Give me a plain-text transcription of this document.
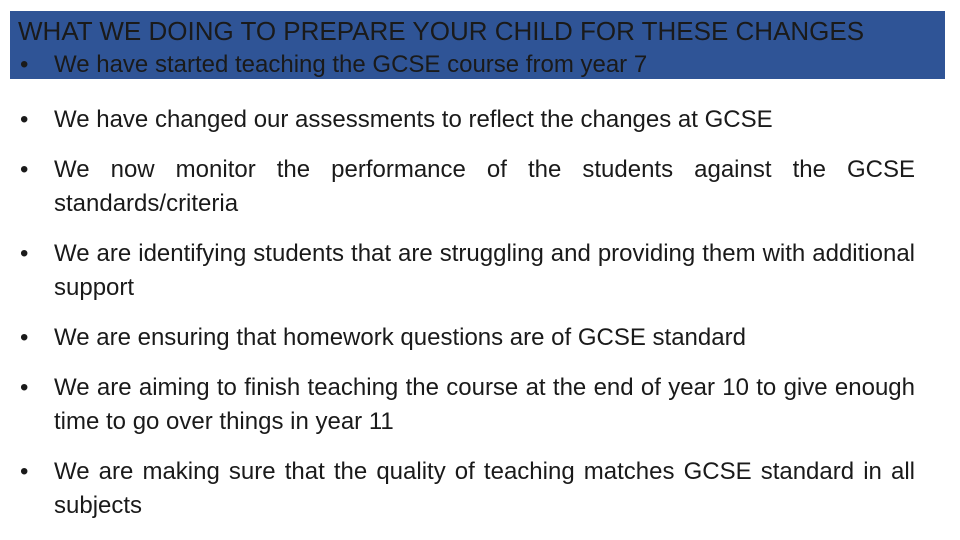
WHAT WE DOING TO PREPARE YOUR CHILD FOR THESE CHANGES
•	We have started teaching the GCSE course from year 7
•	We have changed our assessments to reflect the changes at GCSE
•	We now monitor the performance of the students against the GCSE standards/criteria
•	We are identifying students that are struggling and providing them with additional support
•	We are ensuring that homework questions are of GCSE standard
•	We are aiming to finish teaching the course at the end of year 10 to give enough time to go over things in year 11
•	We are making sure that the quality of teaching matches GCSE standard in all subjects
